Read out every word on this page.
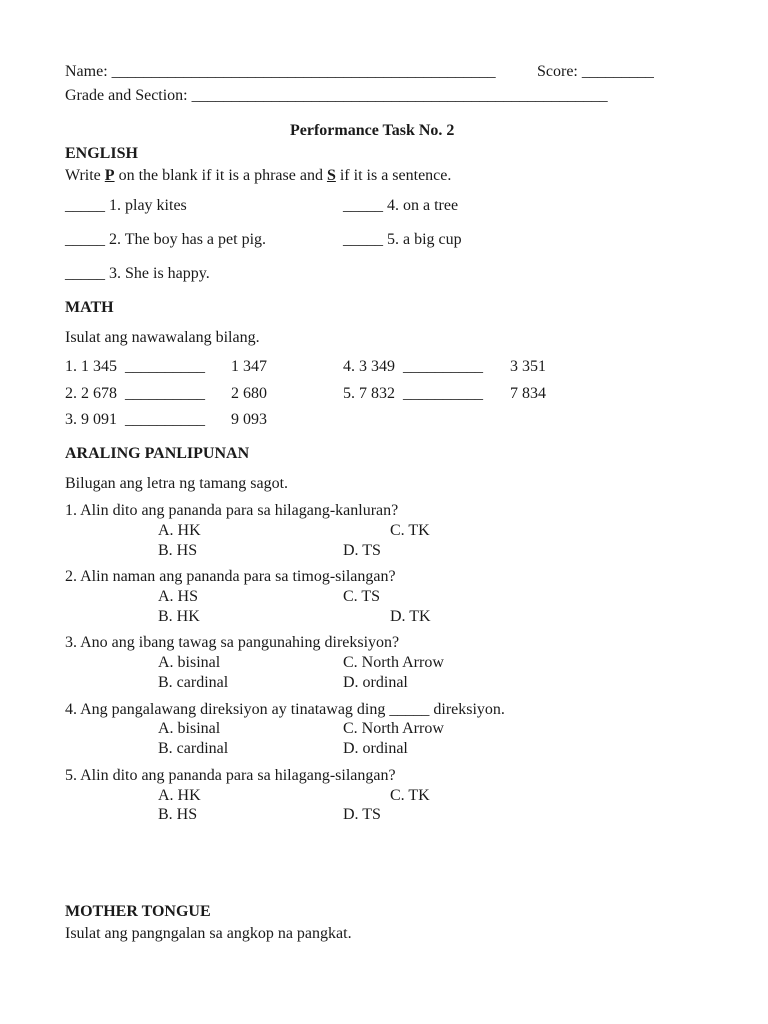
Name: ________________________________________________	Score: _________
Grade and Section: ____________________________________________________
Performance Task No. 2
ENGLISH
Write P on the blank if it is a phrase and S if it is a sentence.
_____ 1. play kites	_____ 4. on a tree
_____ 2. The boy has a pet pig.	_____ 5. a big cup
_____ 3. She is happy.
MATH
Isulat ang nawawalang bilang.
1. 1 345  __________ 1 347	4. 3 349  __________ 3 351
2. 2 678  __________ 2 680	5. 7 832  __________ 7 834
3. 9 091  __________ 9 093
ARALING PANLIPUNAN
Bilugan ang letra ng tamang sagot.
1. Alin dito ang pananda para sa hilagang-kanluran?
A. HK	C. TK
B. HS	D. TS
2. Alin naman ang pananda para sa timog-silangan?
A. HS	C. TS
B. HK	D. TK
3. Ano ang ibang tawag sa pangunahing direksiyon?
A. bisinal	C. North Arrow
B. cardinal	D. ordinal
4. Ang pangalawang direksiyon ay tinatawag ding _____ direksiyon.
A. bisinal	C. North Arrow
B. cardinal	D. ordinal
5. Alin dito ang pananda para sa hilagang-silangan?
A. HK	C. TK
B. HS	D. TS
MOTHER TONGUE
Isulat ang pangngalan sa angkop na pangkat.
